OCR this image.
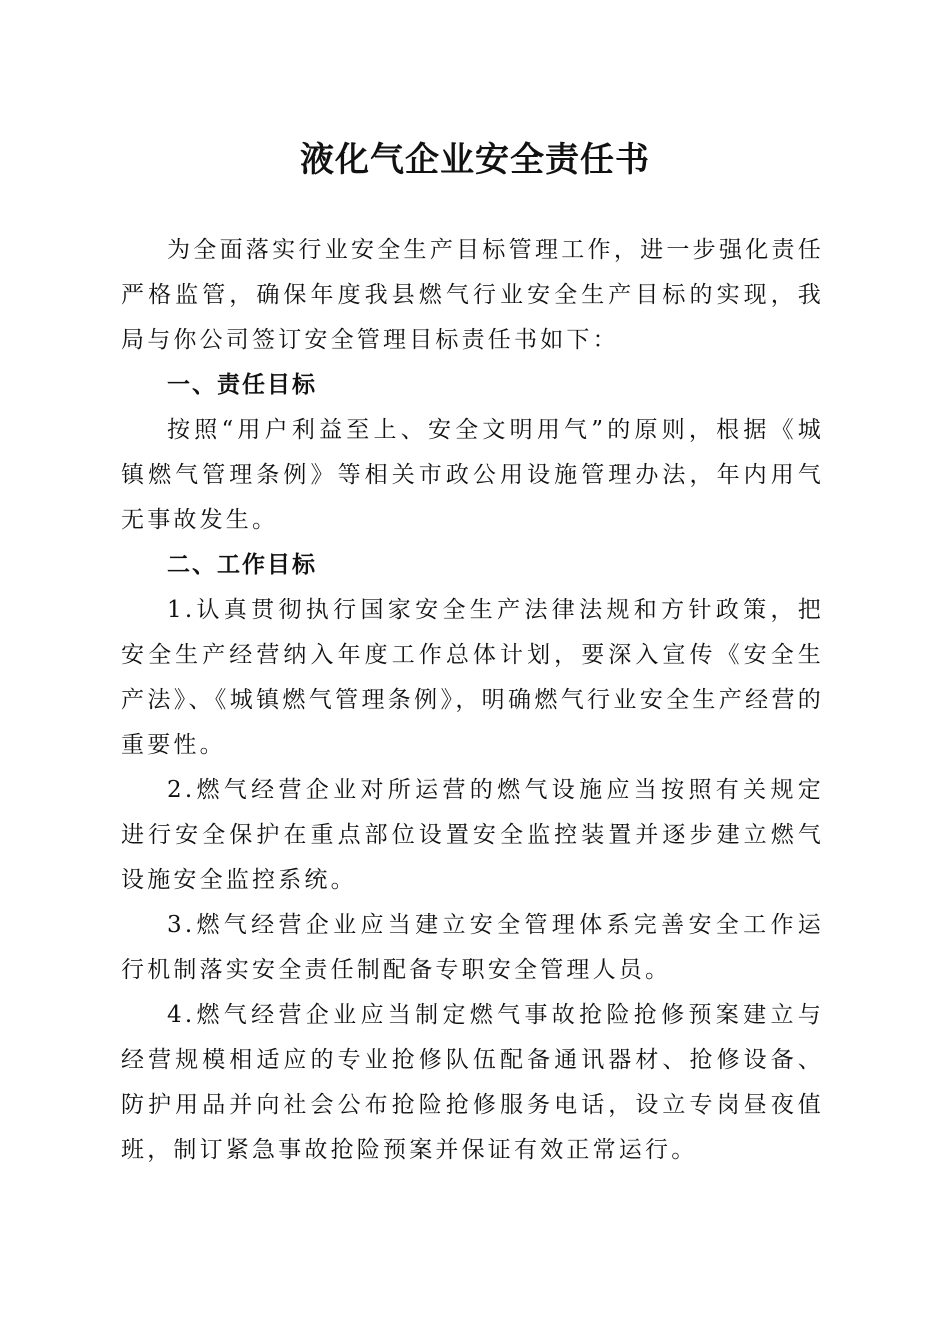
液化气企业安全责任书

为全面落实行业安全生产目标管理工作，进一步强化责任严格监管，确保年度我县燃气行业安全生产目标的实现，我局与你公司签订安全管理目标责任书如下：

一、责任目标

按照“用户利益至上、安全文明用气”的原则，根据《城镇燃气管理条例》等相关市政公用设施管理办法，年内用气无事故发生。

二、工作目标

1.认真贯彻执行国家安全生产法律法规和方针政策，把安全生产经营纳入年度工作总体计划，要深入宣传《安全生产法》、《城镇燃气管理条例》，明确燃气行业安全生产经营的重要性。

2.燃气经营企业对所运营的燃气设施应当按照有关规定进行安全保护在重点部位设置安全监控装置并逐步建立燃气设施安全监控系统。

3.燃气经营企业应当建立安全管理体系完善安全工作运行机制落实安全责任制配备专职安全管理人员。

4.燃气经营企业应当制定燃气事故抢险抢修预案建立与经营规模相适应的专业抢修队伍配备通讯器材、抢修设备、防护用品并向社会公布抢险抢修服务电话，设立专岗昼夜值班，制订紧急事故抢险预案并保证有效正常运行。
